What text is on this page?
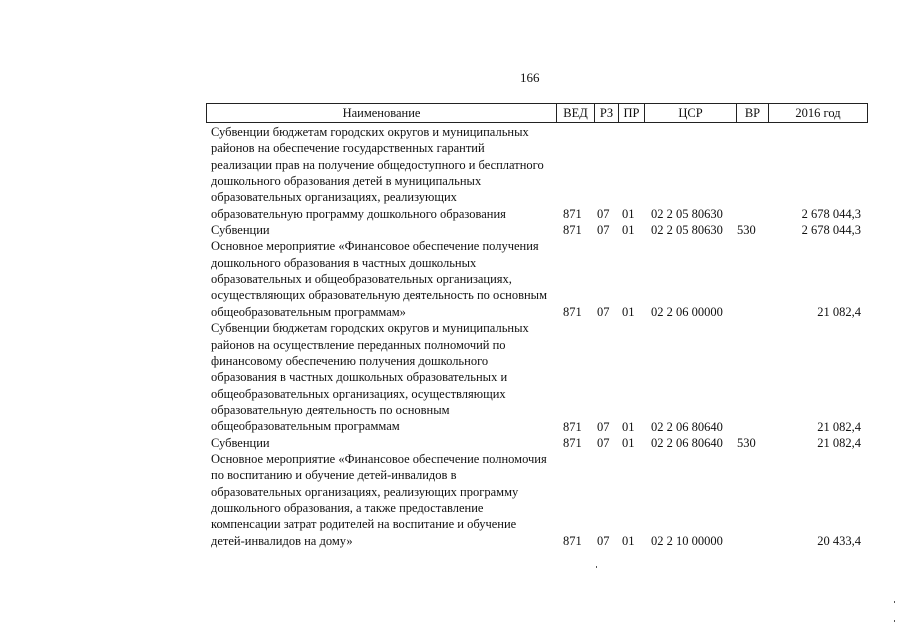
166
Наименование	ВЕД РЗ ПР	ЦСР	ВР	2016 год
Субвенции бюджетам городских округов и муниципальных
районов на обеспечение государственных гарантий
реализации прав на получение общедоступного и бесплатного
дошкольного образования детей в муниципальных
образовательных организациях, реализующих
образовательную программу дошкольного образования	871 07 01 02 2 05 80630	2 678 044,3
Субвенции	871 07 01 02 2 05 80630 530	2 678 044,3
Основное мероприятие «Финансовое обеспечение получения
дошкольного образования в частных дошкольных
образовательных и общеобразовательных организациях,
осуществляющих образовательную деятельность по основным
общеобразовательным программам»	871 07 01 02 2 06 00000	21 082,4
Субвенции бюджетам городских округов и муниципальных
районов на осуществление переданных полномочий по
финансовому обеспечению получения дошкольного
образования в частных дошкольных образовательных и
общеобразовательных организациях, осуществляющих
образовательную деятельность по основным
общеобразовательным программам	871 07 01 02 2 06 80640	21 082,4
Субвенции	871 07 01 02 2 06 80640 530	21 082,4
Основное мероприятие «Финансовое обеспечение полномочия
по воспитанию и обучение детей-инвалидов в
образовательных организациях, реализующих программу
дошкольного образования, а также предоставление
компенсации затрат родителей на воспитание и обучение
детей-инвалидов на дому»	871 07 01 02 2 10 00000	20 433,4
